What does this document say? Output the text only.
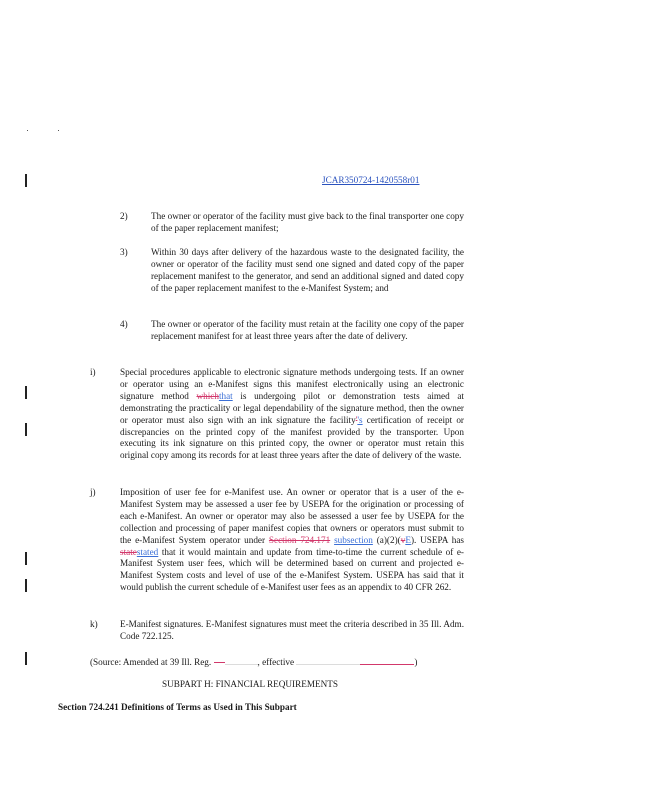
JCAR350724-1420558r01
2)	The owner or operator of the facility must give back to the final transporter one copy of the paper replacement manifest;
3)	Within 30 days after delivery of the hazardous waste to the designated facility, the owner or operator of the facility must send one signed and dated copy of the paper replacement manifest to the generator, and send an additional signed and dated copy of the paper replacement manifest to the e-Manifest System; and
4)	The owner or operator of the facility must retain at the facility one copy of the paper replacement manifest for at least three years after the date of delivery.
i)	Special procedures applicable to electronic signature methods undergoing tests. If an owner or operator using an e-Manifest signs this manifest electronically using an electronic signature method whichthat is undergoing pilot or demonstration tests aimed at demonstrating the practicality or legal dependability of the signature method, then the owner or operator must also sign with an ink signature the facility''s certification of receipt or discrepancies on the printed copy of the manifest provided by the transporter. Upon executing its ink signature on this printed copy, the owner or operator must retain this original copy among its records for at least three years after the date of delivery of the waste.
j)	Imposition of user fee for e-Manifest use. An owner or operator that is a user of the e-Manifest System may be assessed a user fee by USEPA for the origination or processing of each e-Manifest. An owner or operator may also be assessed a user fee by USEPA for the collection and processing of paper manifest copies that owners or operators must submit to the e-Manifest System operator under Section 724.171 subsection (a)(2)(vE). USEPA has statestated that it would maintain and update from time-to-time the current schedule of e-Manifest System user fees, which will be determined based on current and projected e-Manifest System costs and level of use of the e-Manifest System. USEPA has said that it would publish the current schedule of e-Manifest user fees as an appendix to 40 CFR 262.
k) E-Manifest signatures. E-Manifest signatures must meet the criteria described in 35 Ill. Adm. Code 722.125.
(Source: Amended at 39 Ill. Reg.	, effective	)
SUBPART H: FINANCIAL REQUIREMENTS
Section 724.241 Definitions of Terms as Used in This Subpart
